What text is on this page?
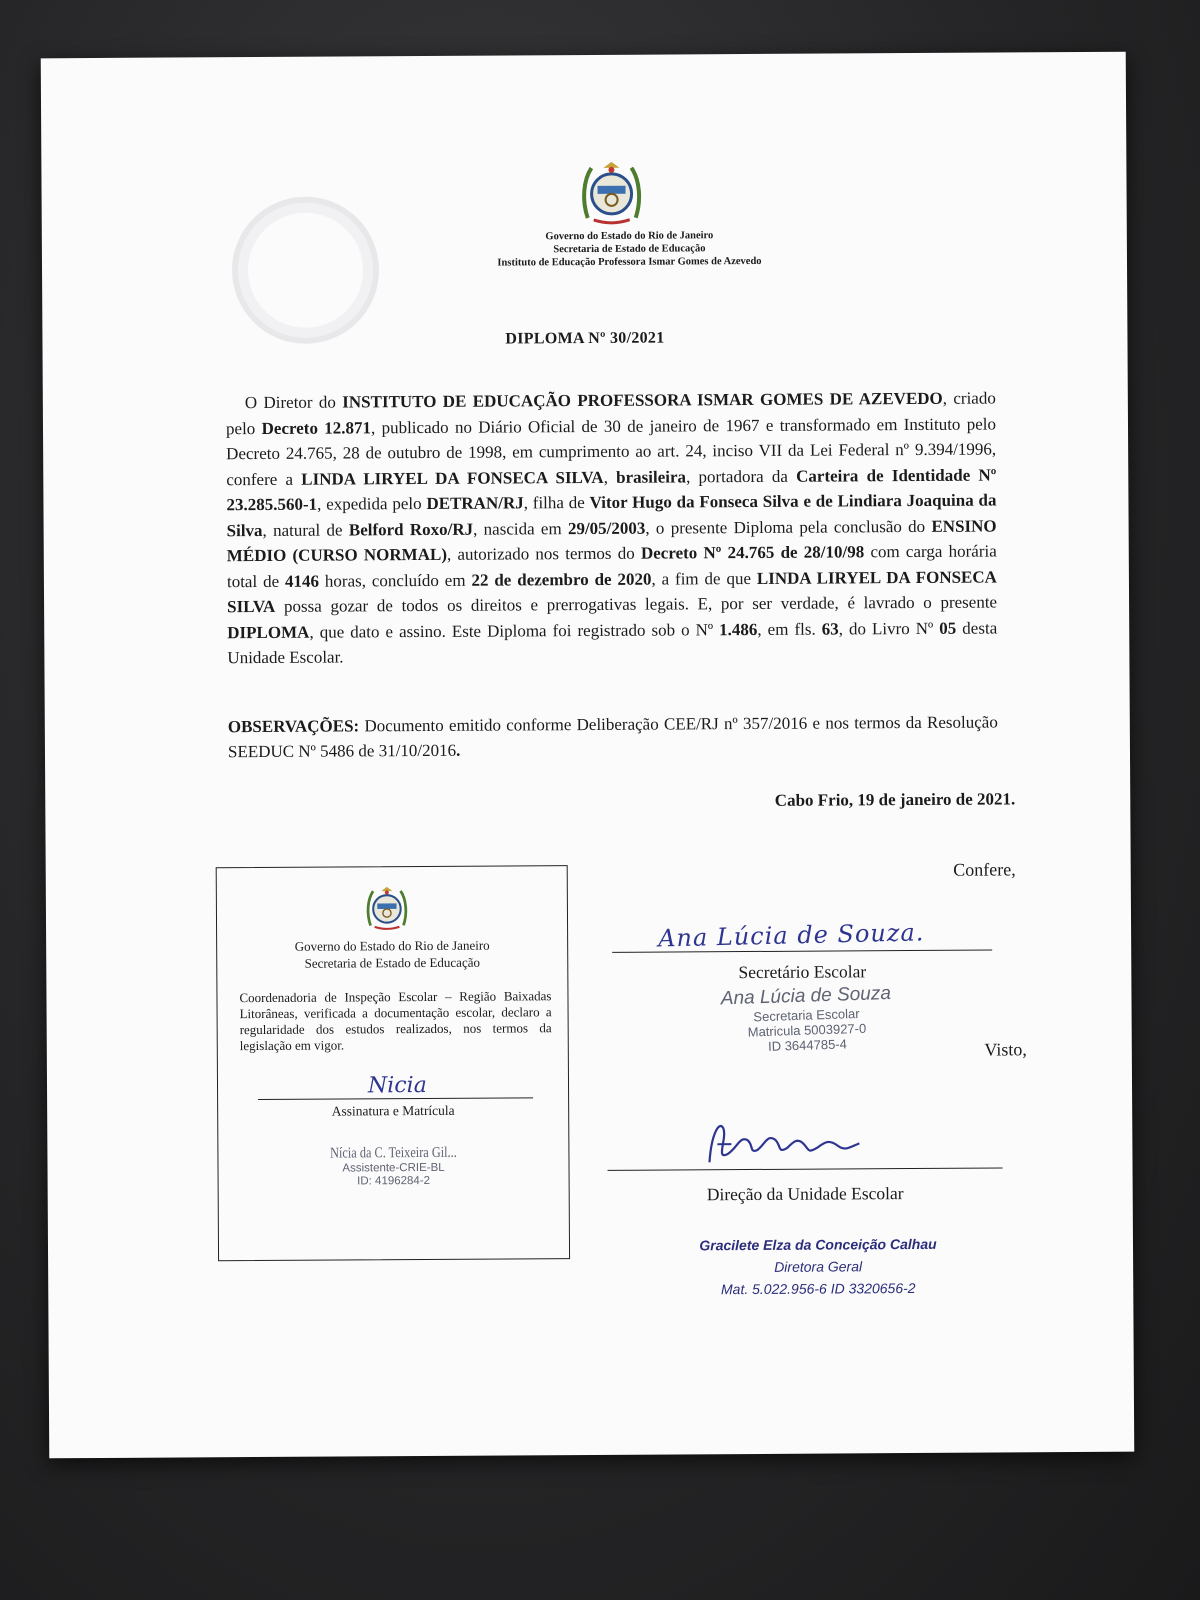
Governo do Estado do Rio de Janeiro
Secretaria de Estado de Educação
Instituto de Educação Professora Ismar Gomes de Azevedo
DIPLOMA Nº 30/2021
O Diretor do INSTITUTO DE EDUCAÇÃO PROFESSORA ISMAR GOMES DE AZEVEDO, criado pelo Decreto 12.871, publicado no Diário Oficial de 30 de janeiro de 1967 e transformado em Instituto pelo Decreto 24.765, 28 de outubro de 1998, em cumprimento ao art. 24, inciso VII da Lei Federal nº 9.394/1996, confere a LINDA LIRYEL DA FONSECA SILVA, brasileira, portadora da Carteira de Identidade Nº 23.285.560-1, expedida pelo DETRAN/RJ, filha de Vitor Hugo da Fonseca Silva e de Lindiara Joaquina da Silva, natural de Belford Roxo/RJ, nascida em 29/05/2003, o presente Diploma pela conclusão do ENSINO MÉDIO (CURSO NORMAL), autorizado nos termos do Decreto Nº 24.765 de 28/10/98 com carga horária total de 4146 horas, concluído em 22 de dezembro de 2020, a fim de que LINDA LIRYEL DA FONSECA SILVA possa gozar de todos os direitos e prerrogativas legais. E, por ser verdade, é lavrado o presente DIPLOMA, que dato e assino. Este Diploma foi registrado sob o Nº 1.486, em fls. 63, do Livro Nº 05 desta Unidade Escolar.
OBSERVAÇÕES: Documento emitido conforme Deliberação CEE/RJ nº 357/2016 e nos termos da Resolução SEEDUC Nº 5486 de 31/10/2016.
Cabo Frio, 19 de janeiro de 2021.
Confere,
Ana Lúcia de Souza.
Secretário Escolar
Ana Lúcia de Souza
Secretaria Escolar
Matricula 5003927-0
ID 3644785-4	Visto,
Direção da Unidade Escolar
Gracilete Elza da Conceição Calhau
Diretora Geral
Mat. 5.022.956-6 ID 3320656-2
Governo do Estado do Rio de Janeiro
Secretaria de Estado de Educação
Coordenadoria de Inspeção Escolar – Região Baixadas Litorâneas, verificada a documentação escolar, declaro a regularidade dos estudos realizados, nos termos da legislação em vigor.
Nicia
Assinatura e Matrícula
Nícia da C. Teixeira Gil...
Assistente-CRIE-BL
ID: 4196284-2
